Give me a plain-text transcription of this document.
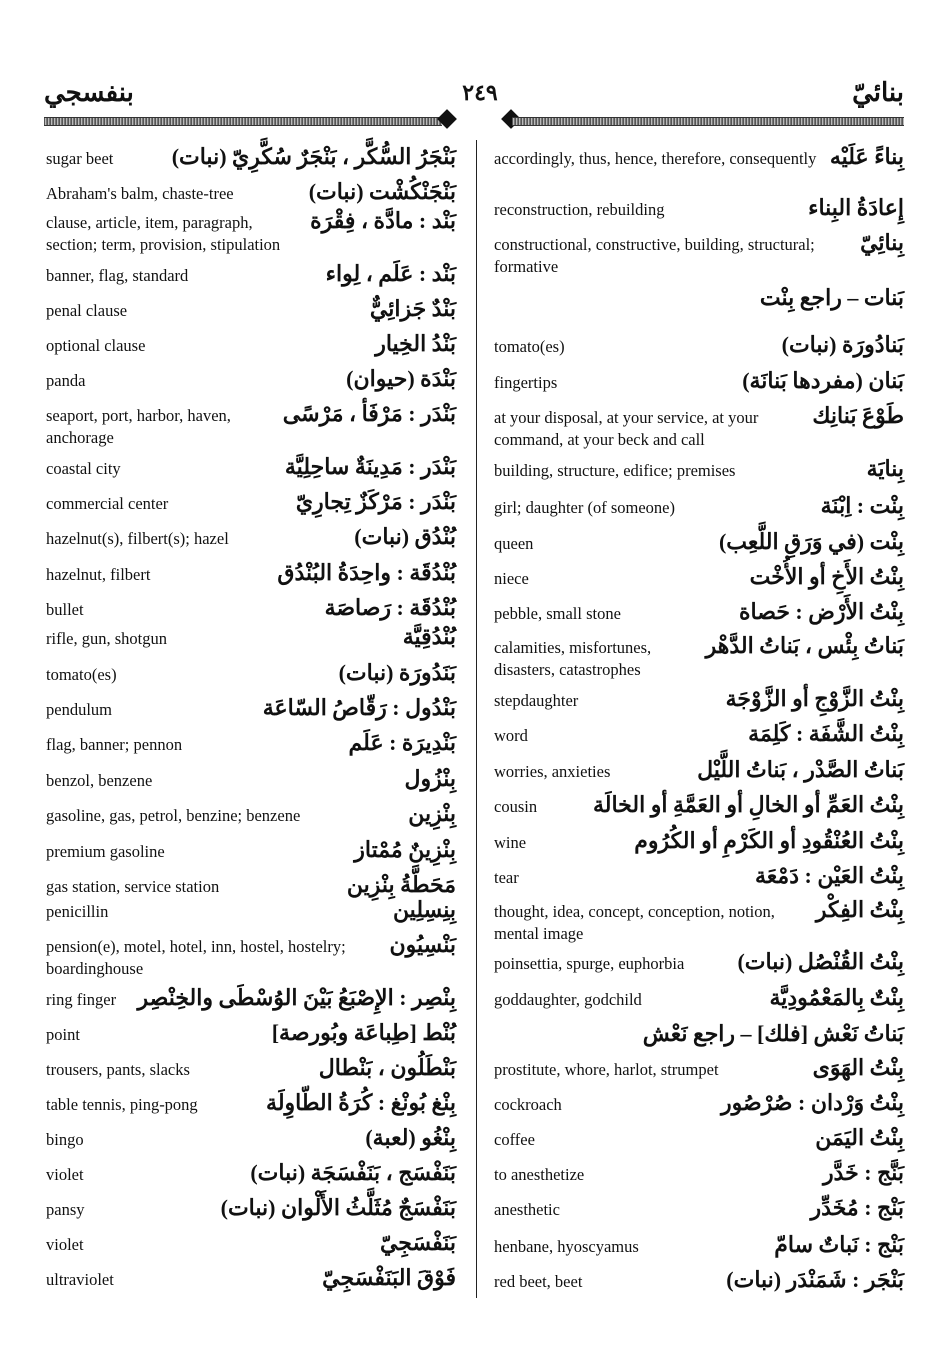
بنائيّ
٢٤٩
بنفسجي
بَنْجَرُ السُّكَّر ، بَنْجَرٌ سُكَّرِيّ (نبات)
sugar beet
بَنْجَنْكُشْت (نبات)
Abraham's balm, chaste-tree
بَنْد : مادَّة ، فِقْرَة
clause, article, item, paragraph, section; term, provision, stipulation
بَنْد : عَلَم ، لِواء
banner, flag, standard
بَنْدٌ جَزائِيٌّ
penal clause
بَنْدُ الخِيار
optional clause
بَنْدَة (حيوان)
panda
بَنْدَر : مَرْفَأ ، مَرْسًى
seaport, port, harbor, haven, anchorage
بَنْدَر : مَدِينَةٌ ساحِلِيَّة
coastal city
بَنْدَر : مَرْكَزٌ تِجارِيّ
commercial center
بُنْدُق (نبات)
hazelnut(s), filbert(s); hazel
بُنْدُقَة : واحِدَةُ البُنْدُق
hazelnut, filbert
بُنْدُقَة : رَصاصَة
bullet
بُنْدُقِيَّة
rifle, gun, shotgun
بَنَدُورَة (نبات)
tomato(es)
بَنْدُول : رَقّاصُ السّاعَة
pendulum
بَنْدِيرَة : عَلَم
flag, banner; pennon
بِنْزُول
benzol, benzene
بِنْزِين
gasoline, gas, petrol, benzine; benzene
بِنْزِينٌ مُمْتاز
premium gasoline
مَحَطَّةُ بِنْزِين
gas station, service station
بِنِسِلِين
penicillin
بَنْسِيُون
pension(e), motel, hotel, inn, hostel, hostelry; boardinghouse
بِنْصِر : الإِصْبَعُ بَيْنَ الوُسْطَى والخِنْصِر
ring finger
بُنْط [طِباعَة وبُورصة]
point
بَنْطَلُون ، بَنْطال
trousers, pants, slacks
بِنْغ بُونْغ : كُرَةُ الطّاوِلَة
table tennis, ping-pong
بِنْغُو (لعبة)
bingo
بَنَفْسَج ، بَنَفْسَجَة (نبات)
violet
بَنَفْسَجٌ مُثَلَّثُ الأَلْوان (نبات)
pansy
بَنَفْسَجِيّ
violet
فَوْقَ البَنَفْسَجِيّ
ultraviolet
بِناءً عَلَيْه
accordingly, thus, hence, therefore, consequently
إِعادَةُ البِناء
reconstruction, rebuilding
بِنائِيّ
constructional, constructive, building, structural; formative
بَنات – راجع بِنْت
بَنادُورَة (نبات)
tomato(es)
بَنان (مفردها بَنانَة)
fingertips
طَوْعَ بَنانِك
at your disposal, at your service, at your command, at your beck and call
بِنايَة
building, structure, edifice; premises
بِنْت : اِبْنَة
girl; daughter (of someone)
بِنْت (في وَرَقِ اللَّعِب)
queen
بِنْتُ الأَخِ أو الأُخْت
niece
بِنْتُ الأَرْض : حَصاة
pebble, small stone
بَناتُ بِئْس ، بَناتُ الدَّهْر
calamities, misfortunes, disasters, catastrophes
بِنْتُ الزَّوْجِ أو الزَّوْجَة
stepdaughter
بِنْتُ الشَّفَة : كَلِمَة
word
بَناتُ الصَّدْر ، بَناتُ اللَّيْل
worries, anxieties
بِنْتُ العَمِّ أو الخالِ أو العَمَّةِ أو الخالَة
cousin
بِنْتُ العُنْقُودِ أو الكَرْمِ أو الكُرُوم
wine
بِنْتُ العَيْن : دَمْعَة
tear
بِنْتُ الفِكْر
thought, idea, concept, conception, notion, mental image
بِنْتُ القُنْصُل (نبات)
poinsettia, spurge, euphorbia
بِنْتٌ بِالمَعْمُودِيَّة
goddaughter, godchild
بَناتُ نَعْش [فلك] – راجع نَعْش
بِنْتُ الهَوَى
prostitute, whore, harlot, strumpet
بِنْتُ وَرْدان : صُرْصُور
cockroach
بِنْتُ اليَمَن
coffee
بَنَّج : خَدَّر
to anesthetize
بَنْج : مُخَدِّر
anesthetic
بَنْج : نَباتٌ سامّ
henbane, hyoscyamus
بَنْجَر : شَمَنْدَر (نبات)
red beet, beet
